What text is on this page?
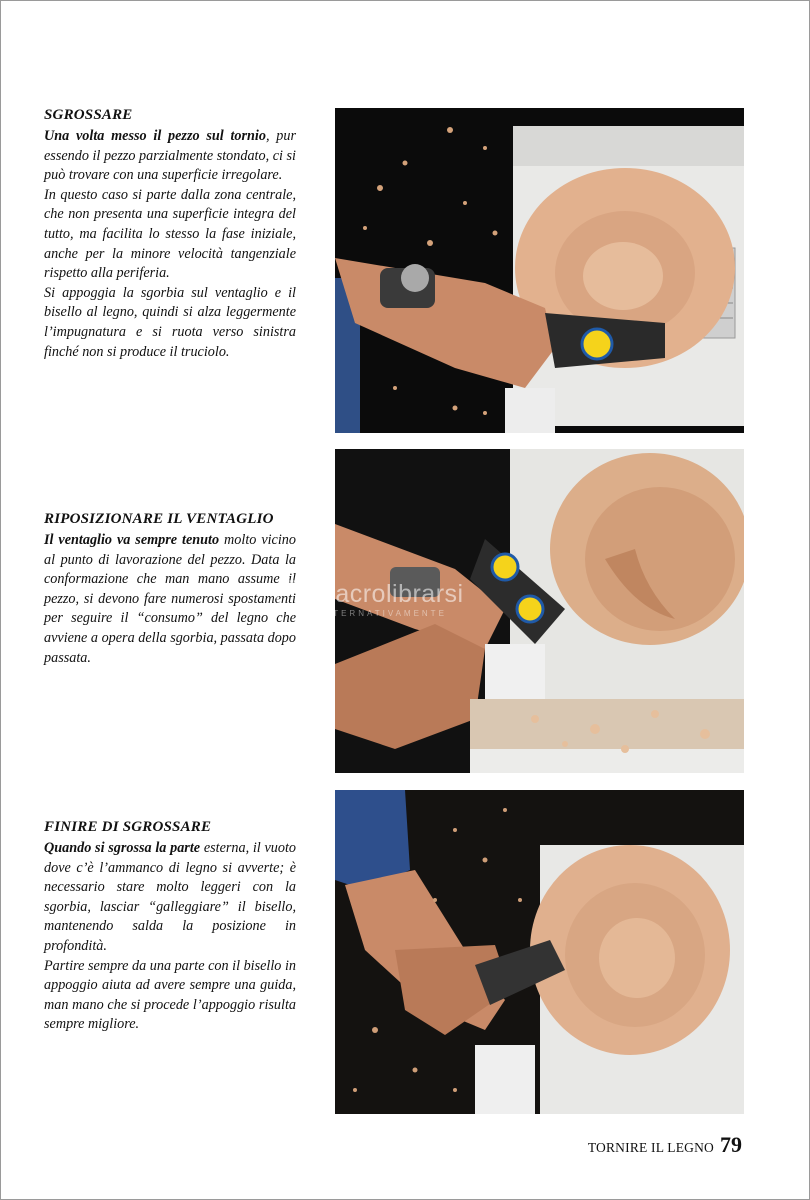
SGROSSARE
Una volta messo il pezzo sul tornio, pur essendo il pezzo parzialmente stondato, ci si può trovare con una superficie irregolare.
In questo caso si parte dalla zona centrale, che non presenta una superficie integra del tutto, ma facilita lo stesso la fase iniziale, anche per la minore velocità tangenziale rispetto alla periferia.
Si appoggia la sgorbia sul ventaglio e il bisello al legno, quindi si alza leggermente l’impugnatura e si ruota verso sinistra finché non si produce il truciolo.
RIPOSIZIONARE IL VENTAGLIO
Il ventaglio va sempre tenuto molto vicino al punto di lavorazione del pezzo. Data la conformazione che man mano assume il pezzo, si devono fare numerosi spostamenti per seguire il “consumo” del legno che avviene a opera della sgorbia, passata dopo passata.
FINIRE DI SGROSSARE
Quando si sgrossa la parte esterna, il vuoto dove c’è l’ammanco di legno si avverte; è necessario stare molto leggeri con la sgorbia, lasciar “galleggiare” il bisello, mantenendo salda la posizione in profondità.
Partire sempre da una parte con il bisello in appoggio aiuta ad avere sempre una guida, man mano che si procede l’appoggio risulta sempre migliore.
macrolibrarsi
ALTERNATIVAMENTE
TORNIRE IL LEGNO 79
